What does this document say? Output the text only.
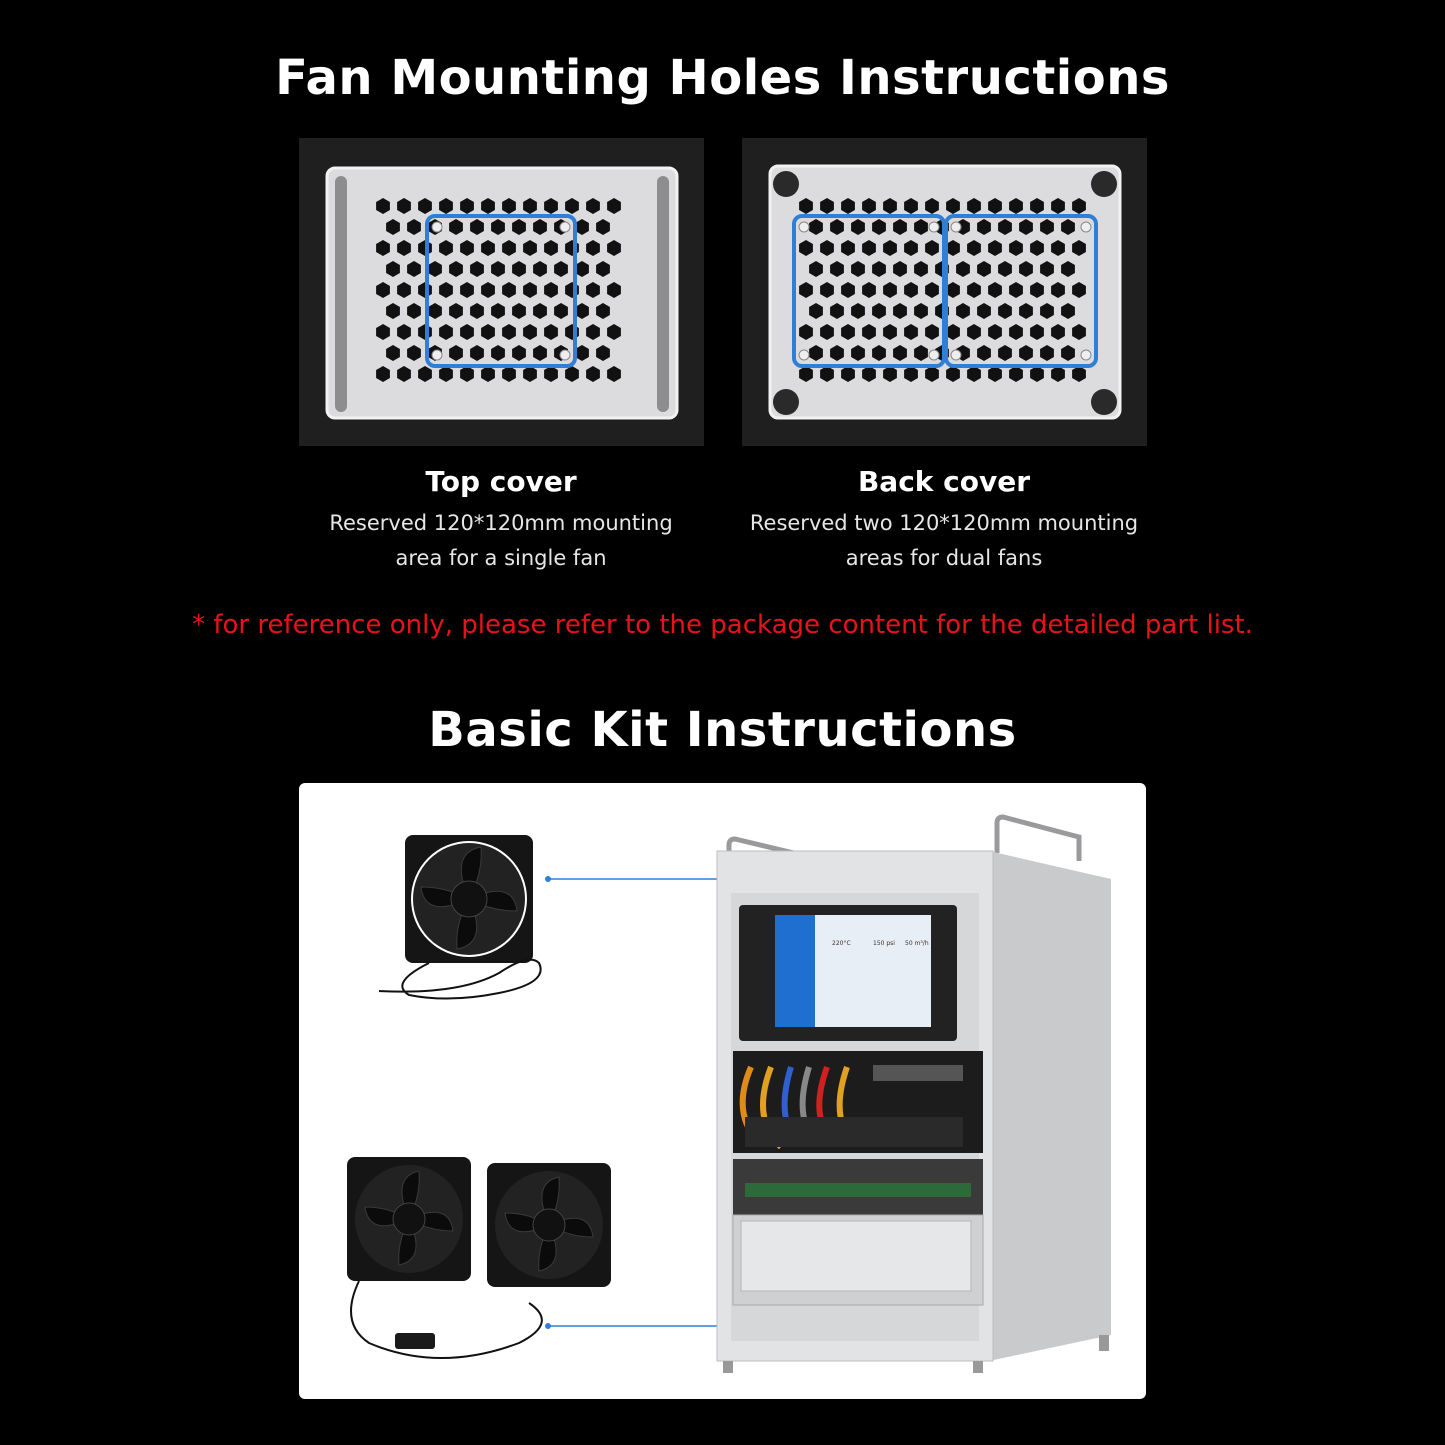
Fan Mounting Holes Instructions
Top cover
Reserved 120*120mm mounting
area for a single fan
Back cover
Reserved two 120*120mm mounting
areas for dual fans
* for reference only, please refer to the package content for the detailed part list.
Basic Kit Instructions
220°C	150 psi 50 m³/h
